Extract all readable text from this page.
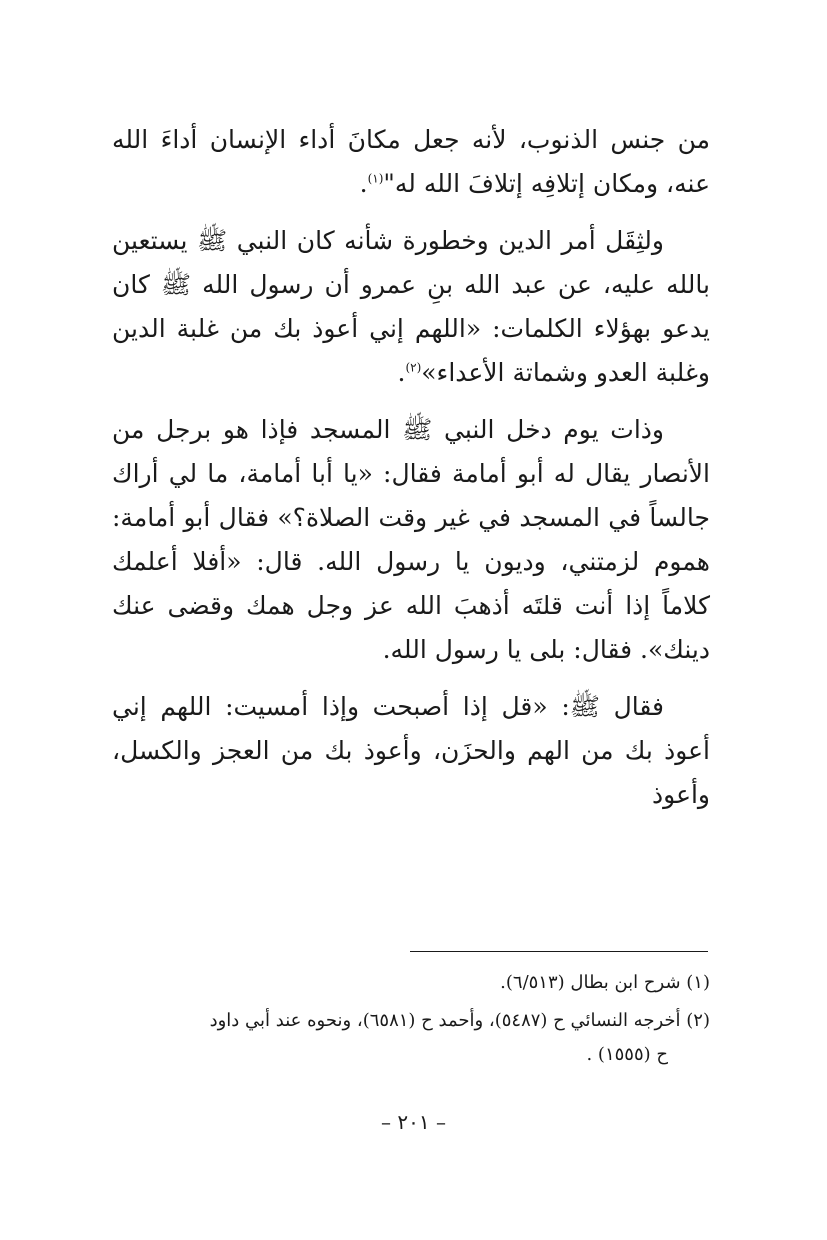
من جنس الذنوب، لأنه جعل مكانَ أداء الإنسان أداءَ الله عنه، ومكان إتلافِه إتلافَ الله له"$^{(١)}$.

ولثِقَل أمر الدين وخطورة شأنه كان النبي ﷺ يستعين بالله عليه، عن عبد الله بنِ عمرو أن رسول الله ﷺ كان يدعو بهؤلاء الكلمات: «اللهم إني أعوذ بك من غلبة الدين وغلبة العدو وشماتة الأعداء»$^{(٢)}$.

وذات يوم دخل النبي ﷺ المسجد فإذا هو برجل من الأنصار يقال له أبو أمامة فقال: «يا أبا أمامة، ما لي أراك جالساً في المسجد في غير وقت الصلاة؟» فقال أبو أمامة: هموم لزمتني، وديون يا رسول الله. قال: «أفلا أعلمك كلاماً إذا أنت قلتَه أذهبَ الله عز وجل همك وقضى عنك دينك». فقال: بلى يا رسول الله.

فقال ﷺ: «قل إذا أصبحت وإذا أمسيت: اللهم إني أعوذ بك من الهم والحزَن، وأعوذ بك من العجز والكسل، وأعوذ

(١) شرح ابن بطال (٦/٥١٣).

(٢) أخرجه النسائي ح (٥٤٨٧)، وأحمد ح (٦٥٨١)، ونحوه عند أبي داود
ح (١٥٥٥) .

– ٢٠١ –
